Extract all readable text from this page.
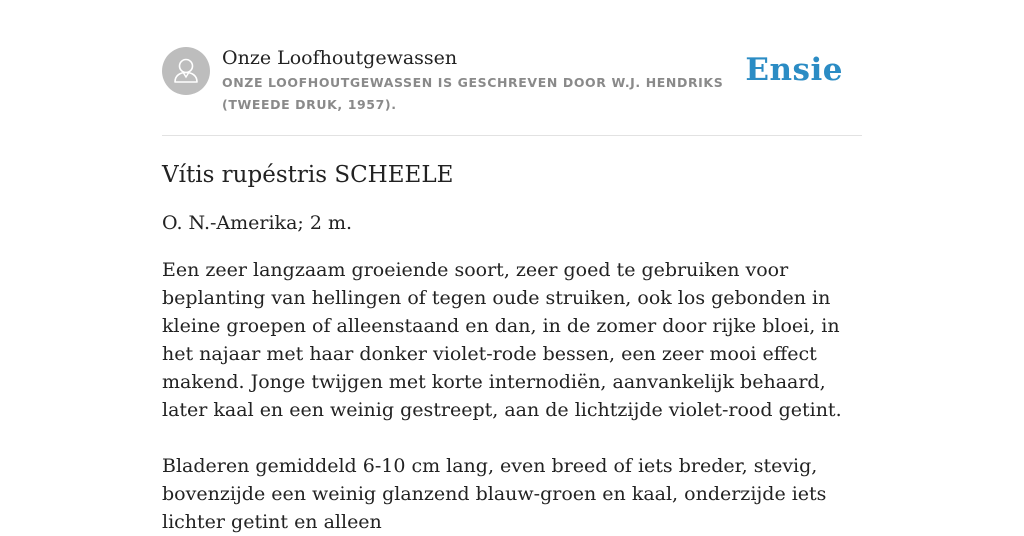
Onze Loofhoutgewassen
ONZE LOOFHOUTGEWASSEN IS GESCHREVEN DOOR W.J. HENDRIKS (TWEEDE DRUK, 1957).
Ensie
Vítis rupéstris SCHEELE

O. N.-Amerika; 2 m.

Een zeer langzaam groeiende soort, zeer goed te gebruiken voor beplanting van hellingen of tegen oude struiken, ook los gebonden in kleine groepen of alleenstaand en dan, in de zomer door rijke bloei, in het najaar met haar donker violet-rode bessen, een zeer mooi effect makend. Jonge twijgen met korte internodiën, aanvankelijk behaard, later kaal en een weinig gestreept, aan de lichtzijde violet-rood getint.

Bladeren gemiddeld 6-10 cm lang, even breed of iets breder, stevig, bovenzijde een weinig glanzend blauw-groen en kaal, onderzijde iets lichter getint en alleen
